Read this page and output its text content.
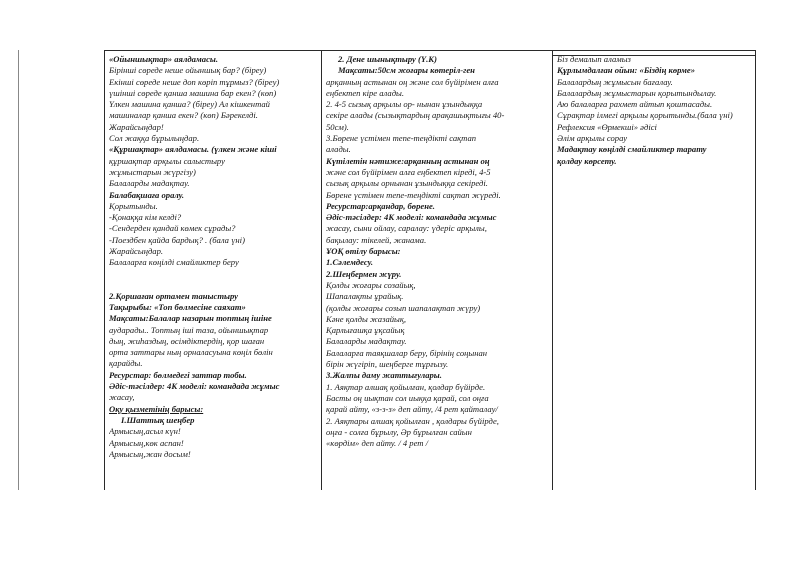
«Ойыншықтар» аялдамасы.
Бірінші сөреде неше ойыншық бар? (біреу)
Екінші сөреде неше доп көріп тұрмыз? (біреу)
үшінші сөреде қанша машина бар екен? (көп)
Үлкен машина қанша? (біреу) Ал кішкентай
машиналар қанша екен? (көп) Бәрекелді.
Жарайсыңдар!
Сол жаққа бұрылыңдар.
«Құршақтар» аялдамасы. (үлкен және кіші
құршақтар арқылы салыстыру
жұмыстарын жүргізу)
Балаларды мадақтау.
Балабақшаға оралу.
Қорытынды.
-Қонаққа кім келді?
-Сендерден қандай көмек сұрады?
-Поездбен қайда бардық? . (бала үні)
Жарайсыңдар.
Балаларға көңілді смайликтер беру
2.Қоршаған ортамен таныстыру
Тақырыбы: «Топ бөлмесіне саяхат»
Мақсаты:Балалар назарын топтың ішіне
аударады.. Топтың іші таза, ойыншықтар
дың, жиһаздың, өсімдіктердің, қор шаған
орта заттары ның орналасуына көңіл бөлін
қарайды.
Ресурстар: бөлмедегі заттар тобы.
Әдіс-тәсілдер: 4К моделі: командада жұмыс
жасау,
Оқу қызметінің барысы:
I.Шаттық шеңбер
Армысың,асыл күн!
Армысың,көк аспан!
Армысың,жан досым!
2. Дене шынықтыру (Ү.К)
Мақсаты:50см жоғары көтеріл-ген
арқанның астынан оң және сол бүйірімен алға
еңбектеп кіре алады.
2. 4-5 сызық арқылы ор- нынан ұзындыққа
секіре алады (сызықтардың арақашықтығы 40-
50см).
3.Бөрене үстімен тепе-теңдікті сақтап
алады.
Күтілетін нәтиже:арқанның астынан оң
және сол бүйірімен алға еңбектеп кіреді, 4-5
сызық арқылы орнынан ұзындыққа секіреді.
Бөрене үстімен тепе-теңдікті сақтап жүреді.
Ресурстар:арқандар, бөрене.
Әдіс-тәсілдер: 4К моделі: командада жұмыс
жасау, сыни ойлау, саралау: үдеріс арқылы,
бақылау: тікелей, жанама.
ҰОҚ өтілу барысы:
1.Сәлемдесу.
2.Шеңбермен жүру.
Қолды жоғары созайық,
Шапалақты ұрайық.
(қолды жоғары созып шапалақтап жүру)
Кәне қолды жазайық,
Қарлығашқа ұқсайық
Балаларды мадақтау.
Балаларға таяқшалар беру, бірінің соңынан
бірін жүгіріп, шеңберге тұрғызу.
3.Жалпы даму жаттығулары.
1. Аяқтар алшақ қойылған, қолдар бүйірде.
Басты оң иықтан сол иыққа қарай, сол оңға
қарай айту, «з-з-з» деп айту, /4 рет қайталау/
2. Аяқтары алшақ қойылған , қолдары бүйірде,
оңға - солға бұрылу, Әр бұрылған сайын
«көрдім» деп айту. / 4 рет /
Біз демалып аламыз
Құрлымдалған ойын: «Біздің көрме»
Балалардың жұмысын бағалау.
Балалардың жұмыстарын қорытындылау.
Аю балаларға рахмет айтып қоштасады.
Сұрақтар ілмегі арқылы қорытынды.(бала үні)
Рефлексия «Өрмекші» әдісі
Әлім арқылы сорау
Мадақтау көңілді смайликтер тарату
қолдау көрсету.
